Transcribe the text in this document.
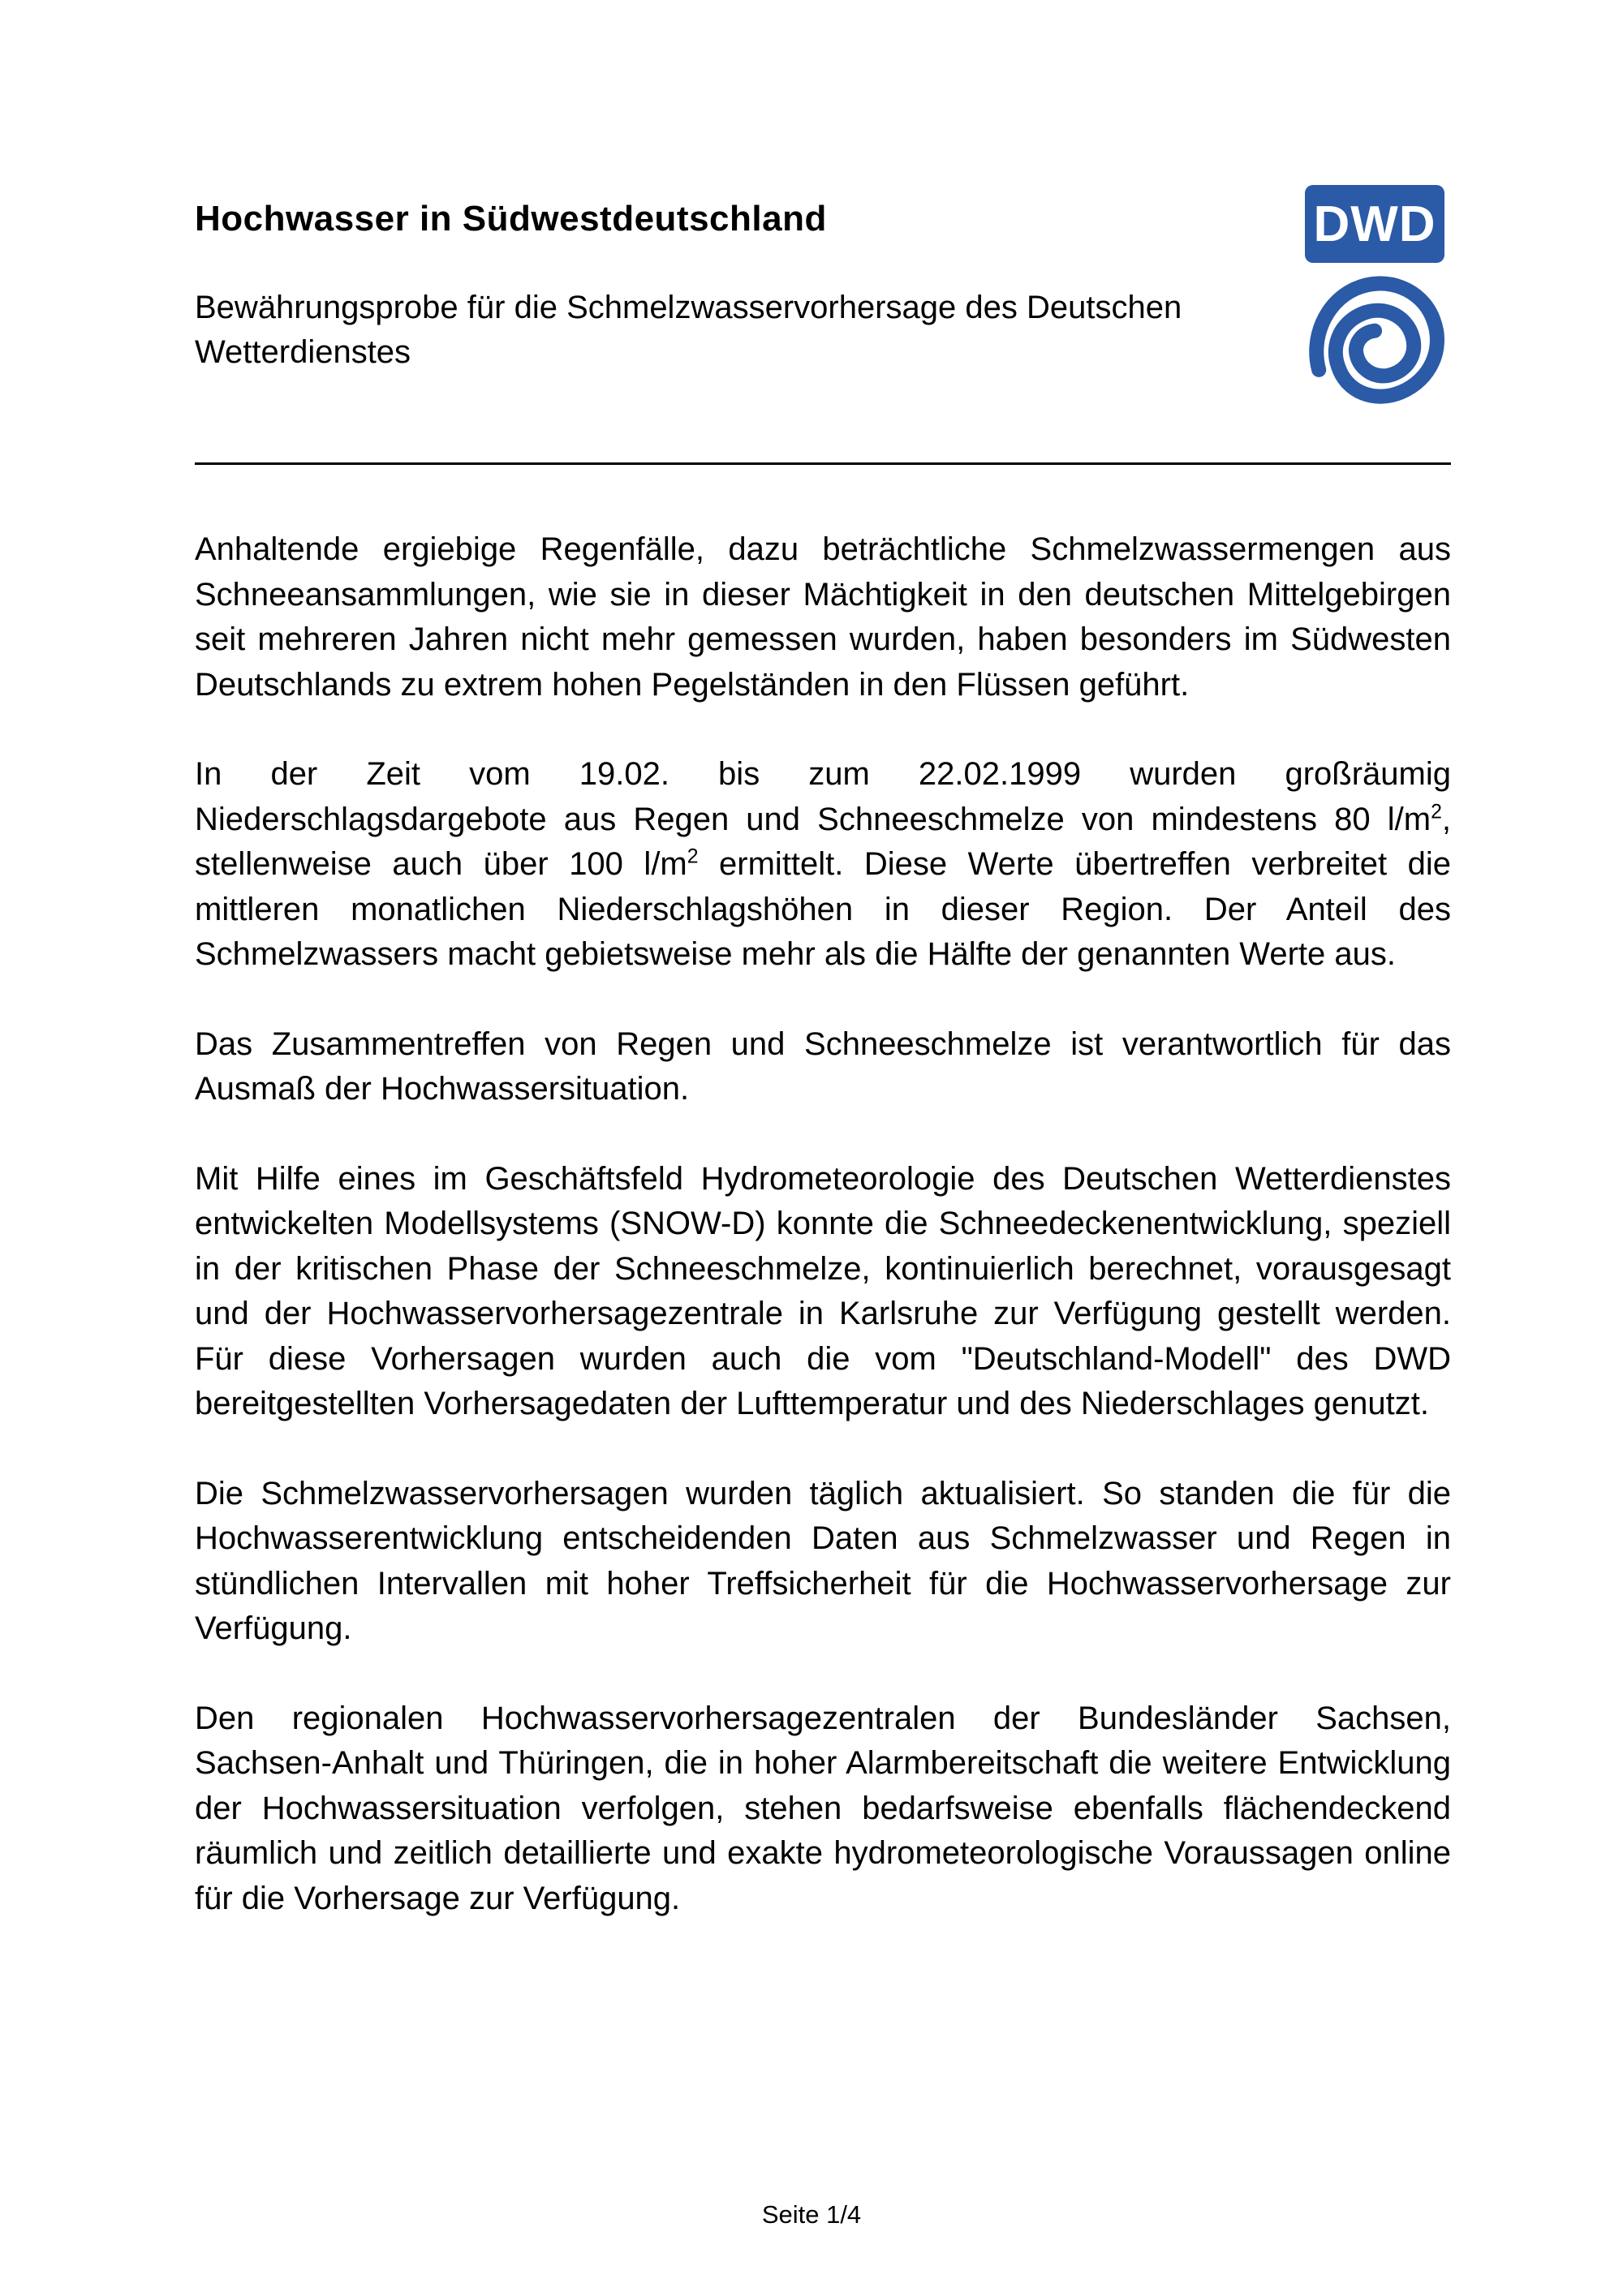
Hochwasser in Südwestdeutschland

Bewährungsprobe für die Schmelzwasservorhersage des Deutschen Wetterdienstes

DWD

Anhaltende ergiebige Regenfälle, dazu beträchtliche Schmelzwassermengen aus Schneeansammlungen, wie sie in dieser Mächtigkeit in den deutschen Mittelgebirgen seit mehreren Jahren nicht mehr gemessen wurden, haben besonders im Südwesten Deutschlands zu extrem hohen Pegelständen in den Flüssen geführt.

In der Zeit vom 19.02. bis zum 22.02.1999 wurden großräumig Niederschlagsdargebote aus Regen und Schneeschmelze von mindestens 80 $l/m^2$, stellenweise auch über 100 $l/m^2$ ermittelt. Diese Werte übertreffen verbreitet die mittleren monatlichen Niederschlagshöhen in dieser Region. Der Anteil des Schmelzwassers macht gebietsweise mehr als die Hälfte der genannten Werte aus.

Das Zusammentreffen von Regen und Schneeschmelze ist verantwortlich für das Ausmaß der Hochwassersituation.

Mit Hilfe eines im Geschäftsfeld Hydrometeorologie des Deutschen Wetterdienstes entwickelten Modellsystems (SNOW-D) konnte die Schneedeckenentwicklung, speziell in der kritischen Phase der Schneeschmelze, kontinuierlich berechnet, vorausgesagt und der Hochwasservorhersagezentrale in Karlsruhe zur Verfügung gestellt werden. Für diese Vorhersagen wurden auch die vom "Deutschland-Modell" des DWD bereitgestellten Vorhersagedaten der Lufttemperatur und des Niederschlages genutzt.

Die Schmelzwasservorhersagen wurden täglich aktualisiert. So standen die für die Hochwasserentwicklung entscheidenden Daten aus Schmelzwasser und Regen in stündlichen Intervallen mit hoher Treffsicherheit für die Hochwasservorhersage zur Verfügung.

Den regionalen Hochwasservorhersagezentralen der Bundesländer Sachsen, Sachsen-Anhalt und Thüringen, die in hoher Alarmbereitschaft die weitere Entwicklung der Hochwassersituation verfolgen, stehen bedarfsweise ebenfalls flächendeckend räumlich und zeitlich detaillierte und exakte hydrometeorologische Voraussagen online für die Vorhersage zur Verfügung.

Seite 1/4
